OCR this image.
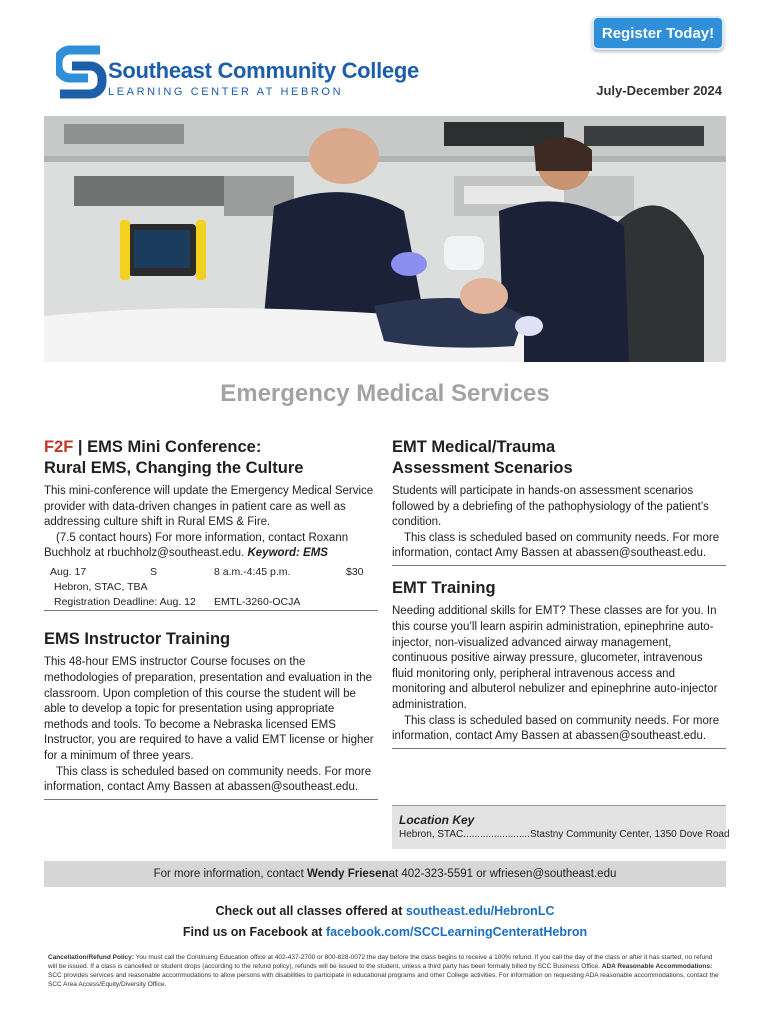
Register Today!
Southeast Community College
LEARNING CENTER AT HEBRON	July-December 2024
Emergency Medical Services
F2F | EMS Mini Conference:
Rural EMS, Changing the Culture

This mini-conference will update the Emergency Medical Service provider with data-driven changes in patient care as well as addressing culture shift in Rural EMS & Fire.

(7.5 contact hours) For more information, contact Roxann Buchholz at rbuchholz@southeast.edu. Keyword: EMS

Aug. 17	S	8 a.m.-4:45 p.m.	$30
Hebron, STAC, TBA
Registration Deadline: Aug. 12 EMTL-3260-OCJA
EMS Instructor Training

This 48-hour EMS instructor Course focuses on the methodologies of preparation, presentation and evaluation in the classroom. Upon completion of this course the student will be able to develop a topic for presentation using appropriate methods and tools. To become a Nebraska licensed EMS Instructor, you are required to have a valid EMT license or higher for a minimum of three years.

This class is scheduled based on community needs. For more information, contact Amy Bassen at abassen@southeast.edu.

EMT Medical/Trauma
Assessment Scenarios

Students will participate in hands-on assessment scenarios followed by a debriefing of the pathophysiology of the patient’s condition.

This class is scheduled based on community needs. For more information, contact Amy Bassen at abassen@southeast.edu.

EMT Training

Needing additional skills for EMT? These classes are for you. In this course you’ll learn aspirin administration, epinephrine auto-injector, non-visualized advanced airway management, continuous positive airway pressure, glucometer, intravenous fluid monitoring only, peripheral intravenous access and monitoring and albuterol nebulizer and epinephrine auto-injector administration.

This class is scheduled based on community needs. For more information, contact Amy Bassen at abassen@southeast.edu.

Location Key
Hebron, STAC........................Stastny Community Center, 1350 Dove Road
For more information, contact
Wendy Friesen at 402-323-5591 or wfriesen@southeast.edu
Check out all classes offered at southeast.edu/HebronLC
Find us on Facebook at facebook.com/SCCLearningCenteratHebron
Cancellation/Refund Policy: You must call the Continuing Education office at 402-437-2700 or 800-828-0072 the day before the class begins to receive a 100% refund. If you call the day of the class or after it has started, no refund will be issued. If a class is cancelled or student drops (according to the refund policy), refunds will be issued to the student, unless a third party has been formally billed by SCC Business Office. ADA Reasonable Accommodations: SCC provides services and reasonable accommodations to allow persons with disabilities to participate in educational programs and other College activities. For information on requesting ADA reasonable accommodations, contact the SCC Area Access/Equity/Diversity Office.
